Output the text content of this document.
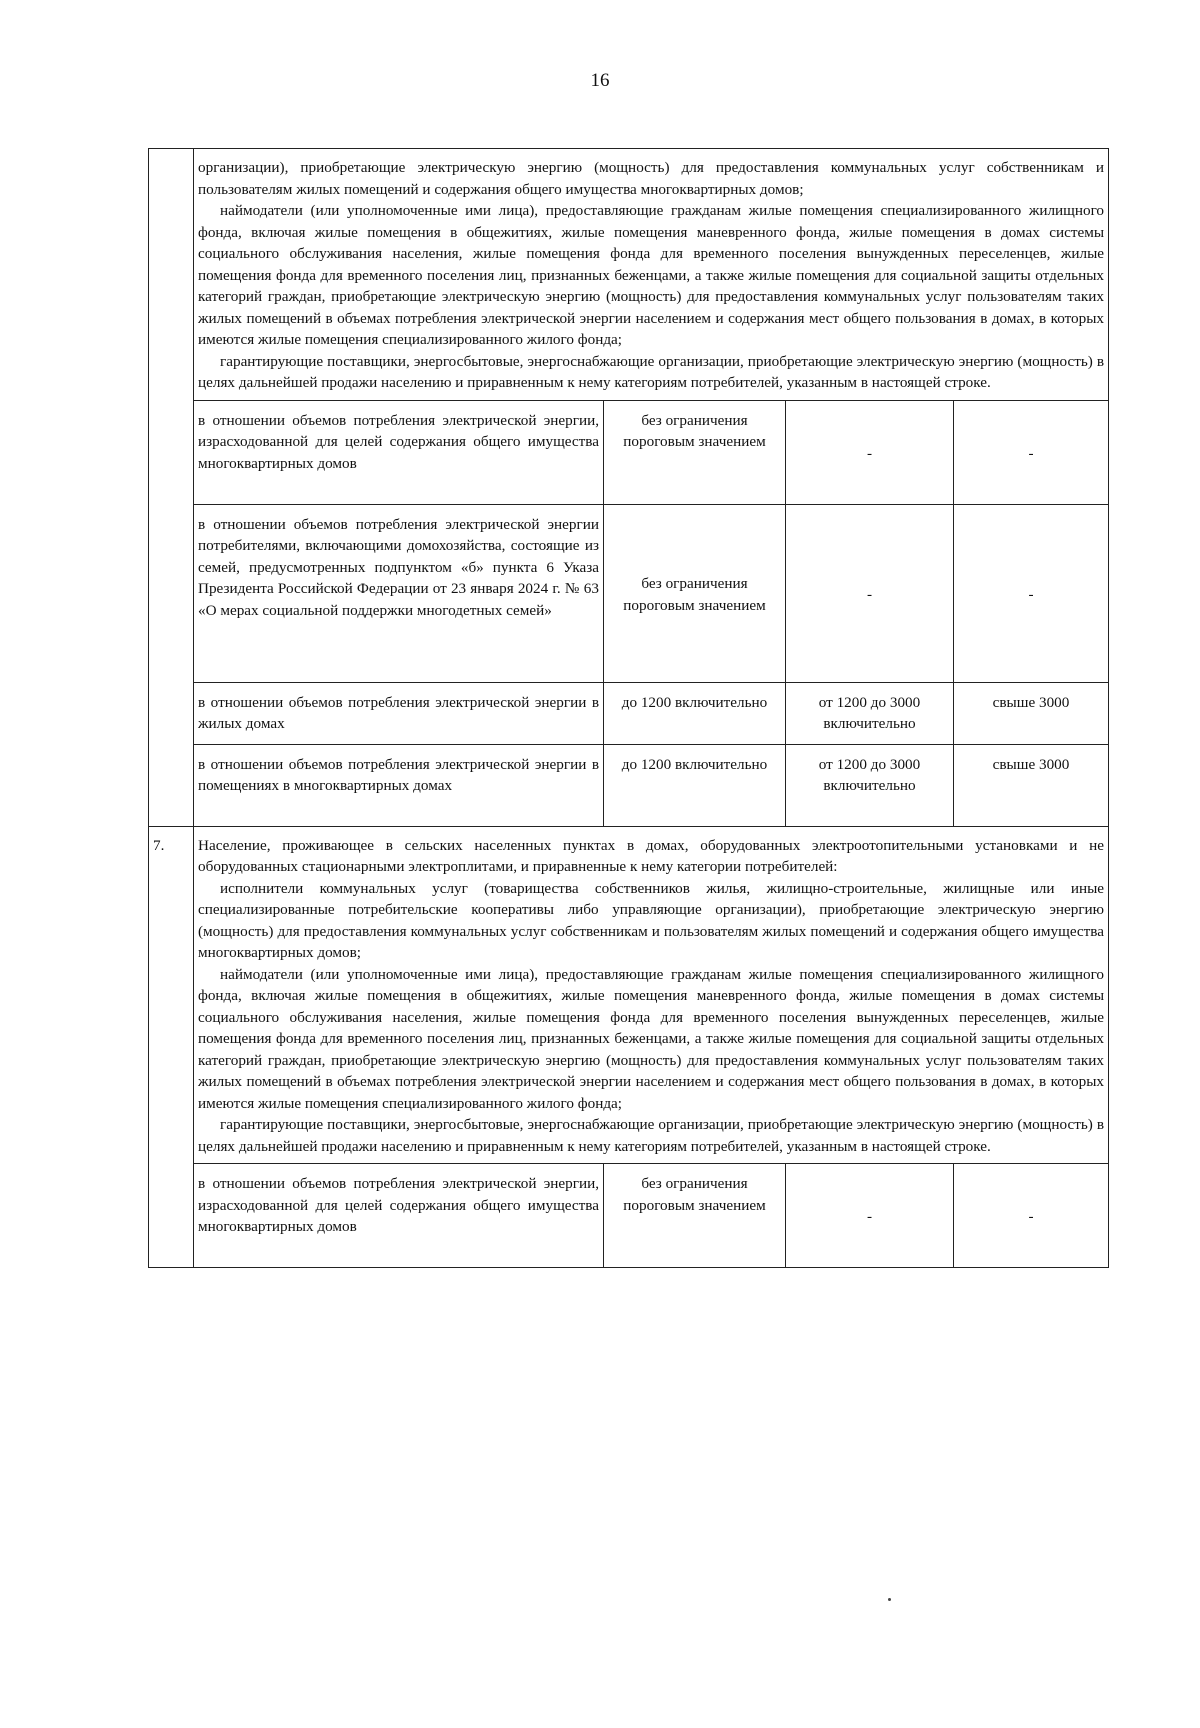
16

	организации), приобретающие электрическую энергию (мощность) для предоставления коммунальных услуг собственникам и пользователям жилых помещений и содержания общего имущества многоквартирных домов;

наймодатели (или уполномоченные ими лица), предоставляющие гражданам жилые помещения специализированного жилищного фонда, включая жилые помещения в общежитиях, жилые помещения маневренного фонда, жилые помещения в домах системы социального обслуживания населения, жилые помещения фонда для временного поселения вынужденных переселенцев, жилые помещения фонда для временного поселения лиц, признанных беженцами, а также жилые помещения для социальной защиты отдельных категорий граждан, приобретающие электрическую энергию (мощность) для предоставления коммунальных услуг пользователям таких жилых помещений в объемах потребления электрической энергии населением и содержания мест общего пользования в домах, в которых имеются жилые помещения специализированного жилого фонда;

гарантирующие поставщики, энергосбытовые, энергоснабжающие организации, приобретающие электрическую энергию (мощность) в целях дальнейшей продажи населению и приравненным к нему категориям потребителей, указанным в настоящей строке.			

	в отношении объемов потребления электрической энергии, израсходованной для целей содержания общего имущества многоквартирных домов	без ограничения пороговым значением	-	-
	в отношении объемов потребления электрической энергии потребителями, включающими домохозяйства, состоящие из семей, предусмотренных подпунктом «б» пункта 6 Указа Президента Российской Федерации от 23 января 2024 г. № 63 «О мерах социальной поддержки многодетных семей»	без ограничения пороговым значением	-	-
	в отношении объемов потребления электрической энергии в жилых домах	до 1200 включительно	от 1200 до 3000 включительно	свыше 3000
	в отношении объемов потребления электрической энергии в помещениях в многоквартирных домах	до 1200 включительно	от 1200 до 3000 включительно	свыше 3000
7.	Население, проживающее в сельских населенных пунктах в домах, оборудованных электроотопительными установками и не оборудованных стационарными электроплитами, и приравненные к нему категории потребителей:

исполнители коммунальных услуг (товарищества собственников жилья, жилищно-строительные, жилищные или иные специализированные потребительские кооперативы либо управляющие организации), приобретающие электрическую энергию (мощность) для предоставления коммунальных услуг собственникам и пользователям жилых помещений и содержания общего имущества многоквартирных домов;

наймодатели (или уполномоченные ими лица), предоставляющие гражданам жилые помещения специализированного жилищного фонда, включая жилые помещения в общежитиях, жилые помещения маневренного фонда, жилые помещения в домах системы социального обслуживания населения, жилые помещения фонда для временного поселения вынужденных переселенцев, жилые помещения фонда для временного поселения лиц, признанных беженцами, а также жилые помещения для социальной защиты отдельных категорий граждан, приобретающие электрическую энергию (мощность) для предоставления коммунальных услуг пользователям таких жилых помещений в объемах потребления электрической энергии населением и содержания мест общего пользования в домах, в которых имеются жилые помещения специализированного жилого фонда;

гарантирующие поставщики, энергосбытовые, энергоснабжающие организации, приобретающие электрическую энергию (мощность) в целях дальнейшей продажи населению и приравненным к нему категориям потребителей, указанным в настоящей строке.			

	в отношении объемов потребления электрической энергии, израсходованной для целей содержания общего имущества многоквартирных домов	без ограничения пороговым значением	-	-
